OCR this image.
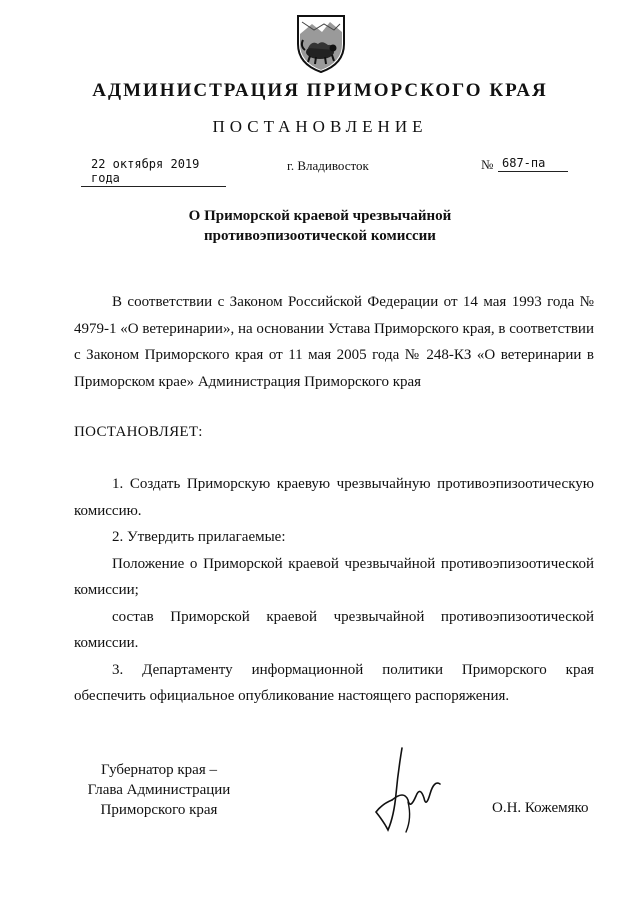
АДМИНИСТРАЦИЯ ПРИМОРСКОГО КРАЯ
ПОСТАНОВЛЕНИЕ
22 октября 2019 года
г. Владивосток	№ 687-па
О Приморской краевой чрезвычайной
противоэпизоотической комиссии
В соответствии с Законом Российской Федерации от 14 мая 1993 года № 4979-1 «О ветеринарии», на основании Устава Приморского края, в соответствии с Законом Приморского края от 11 мая 2005 года № 248-КЗ «О ветеринарии в Приморском крае» Администрация Приморского края
ПОСТАНОВЛЯЕТ:
1. Создать Приморскую краевую чрезвычайную противоэпизоотическую комиссию.
2. Утвердить прилагаемые:
Положение о Приморской краевой чрезвычайной противоэпизоотической комиссии;
состав Приморской краевой чрезвычайной противоэпизоотической
комиссии.
3. Департаменту информационной политики Приморского края
обеспечить официальное опубликование настоящего распоряжения.
Губернатор края –
Глава Администрации
Приморского края	О.Н. Кожемяко
